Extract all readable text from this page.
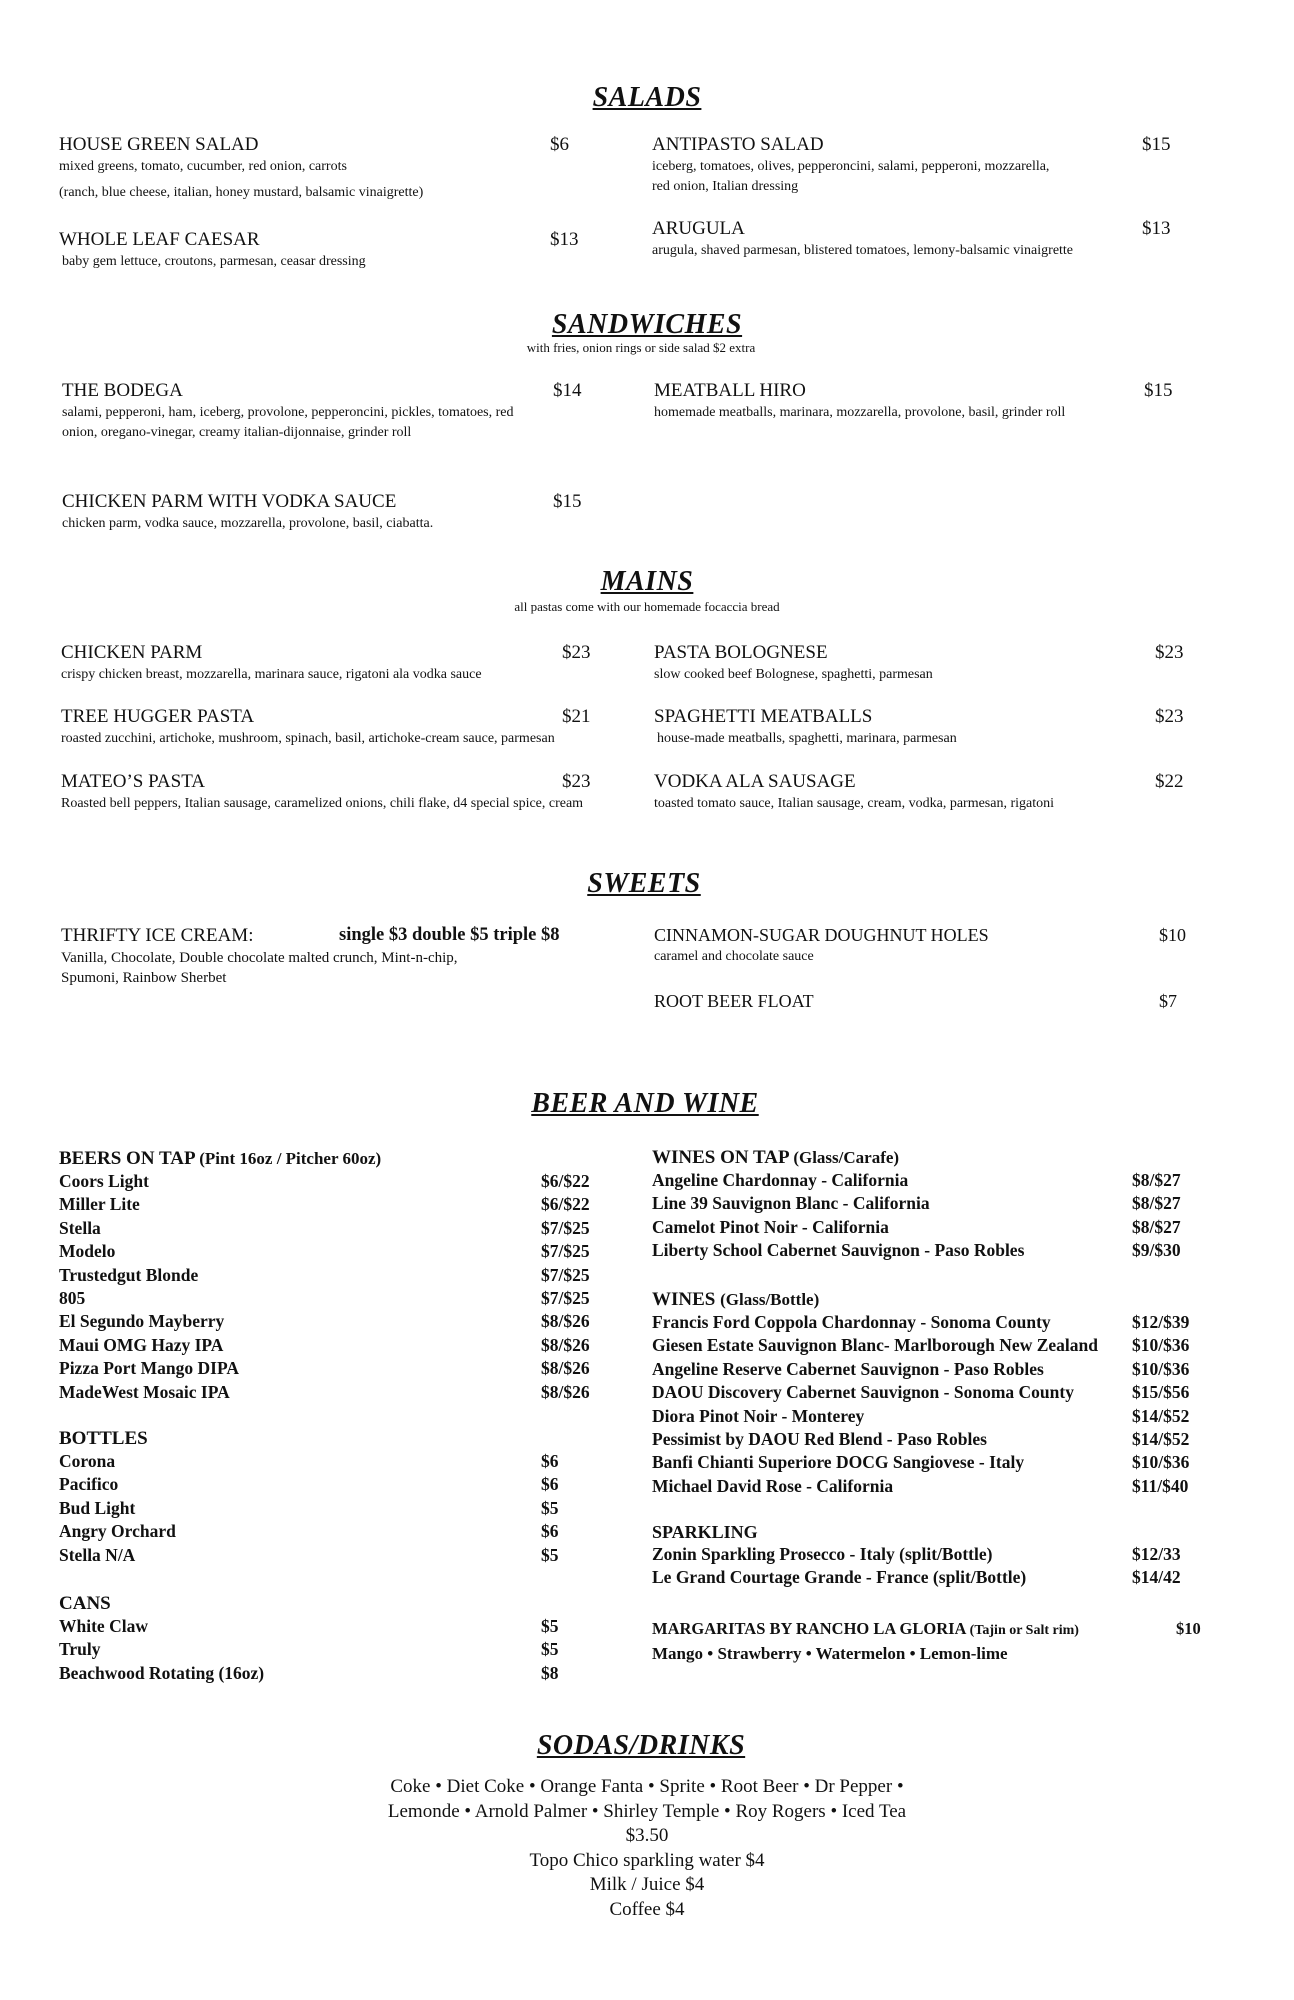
SALADS
HOUSE GREEN SALAD	$6
mixed greens, tomato, cucumber, red onion, carrots
(ranch, blue cheese, italian, honey mustard, balsamic vinaigrette)
WHOLE LEAF CAESAR	$13
baby gem lettuce, croutons, parmesan, ceasar dressing
ANTIPASTO SALAD	$15
iceberg, tomatoes, olives, pepperoncini, salami, pepperoni, mozzarella, red onion, Italian dressing
ARUGULA	$13
arugula, shaved parmesan, blistered tomatoes, lemony-balsamic vinaigrette
SANDWICHES
with fries, onion rings or side salad $2 extra
THE BODEGA	$14
salami, pepperoni, ham, iceberg, provolone, pepperoncini, pickles, tomatoes, red onion, oregano-vinegar, creamy italian-dijonnaise, grinder roll
CHICKEN PARM WITH VODKA SAUCE	$15
chicken parm, vodka sauce, mozzarella, provolone, basil, ciabatta.
MEATBALL HIRO	$15
homemade meatballs, marinara, mozzarella, provolone, basil, grinder roll
MAINS
all pastas come with our homemade focaccia bread
CHICKEN PARM	$23
crispy chicken breast, mozzarella, marinara sauce, rigatoni ala vodka sauce
TREE HUGGER PASTA	$21
roasted zucchini, artichoke, mushroom, spinach, basil, artichoke-cream sauce, parmesan
MATEO’S PASTA	$23
Roasted bell peppers, Italian sausage, caramelized onions, chili flake, d4 special spice, cream
PASTA BOLOGNESE	$23
slow cooked beef Bolognese, spaghetti, parmesan
SPAGHETTI MEATBALLS	$23
house-made meatballs, spaghetti, marinara, parmesan
VODKA ALA SAUSAGE	$22
toasted tomato sauce, Italian sausage, cream, vodka, parmesan, rigatoni
SWEETS
THRIFTY ICE CREAM:	single $3 double $5 triple $8
Vanilla, Chocolate, Double chocolate malted crunch, Mint-n-chip, Spumoni, Rainbow Sherbet
CINNAMON-SUGAR DOUGHNUT HOLES	$10
caramel and chocolate sauce
ROOT BEER FLOAT	$7
BEER AND WINE
BEERS ON TAP (Pint 16oz / Pitcher 60oz)
Coors Light	$6/$22
Miller Lite	$6/$22
Stella	$7/$25
Modelo	$7/$25
Trustedgut Blonde	$7/$25
805	$7/$25
El Segundo Mayberry	$8/$26
Maui OMG Hazy IPA	$8/$26
Pizza Port Mango DIPA	$8/$26
MadeWest Mosaic IPA	$8/$26
BOTTLES
Corona	$6
Pacifico	$6
Bud Light	$5
Angry Orchard	$6
Stella N/A	$5
CANS
White Claw	$5
Truly	$5
Beachwood Rotating (16oz)	$8
WINES ON TAP (Glass/Carafe)
Angeline Chardonnay - California	$8/$27
Line 39 Sauvignon Blanc - California	$8/$27
Camelot Pinot Noir - California	$8/$27
Liberty School Cabernet Sauvignon - Paso Robles	$9/$30
WINES (Glass/Bottle)
Francis Ford Coppola Chardonnay - Sonoma County	$12/$39
Giesen Estate Sauvignon Blanc- Marlborough New Zealand $10/$36
Angeline Reserve Cabernet Sauvignon - Paso Robles	$10/$36
DAOU Discovery Cabernet Sauvignon - Sonoma County	$15/$56
Diora Pinot Noir - Monterey	$14/$52
Pessimist by DAOU Red Blend - Paso Robles	$14/$52
Banfi Chianti Superiore DOCG Sangiovese - Italy	$10/$36
Michael David Rose - California	$11/$40
SPARKLING
Zonin Sparkling Prosecco - Italy (split/Bottle)	$12/33
Le Grand Courtage Grande - France (split/Bottle)	$14/42
MARGARITAS BY RANCHO LA GLORIA (Tajin or Salt rim)	$10
Mango • Strawberry • Watermelon • Lemon-lime
SODAS/DRINKS
Coke • Diet Coke • Orange Fanta • Sprite • Root Beer • Dr Pepper •
Lemonde • Arnold Palmer • Shirley Temple • Roy Rogers • Iced Tea
$3.50
Topo Chico sparkling water $4
Milk / Juice $4
Coffee $4
